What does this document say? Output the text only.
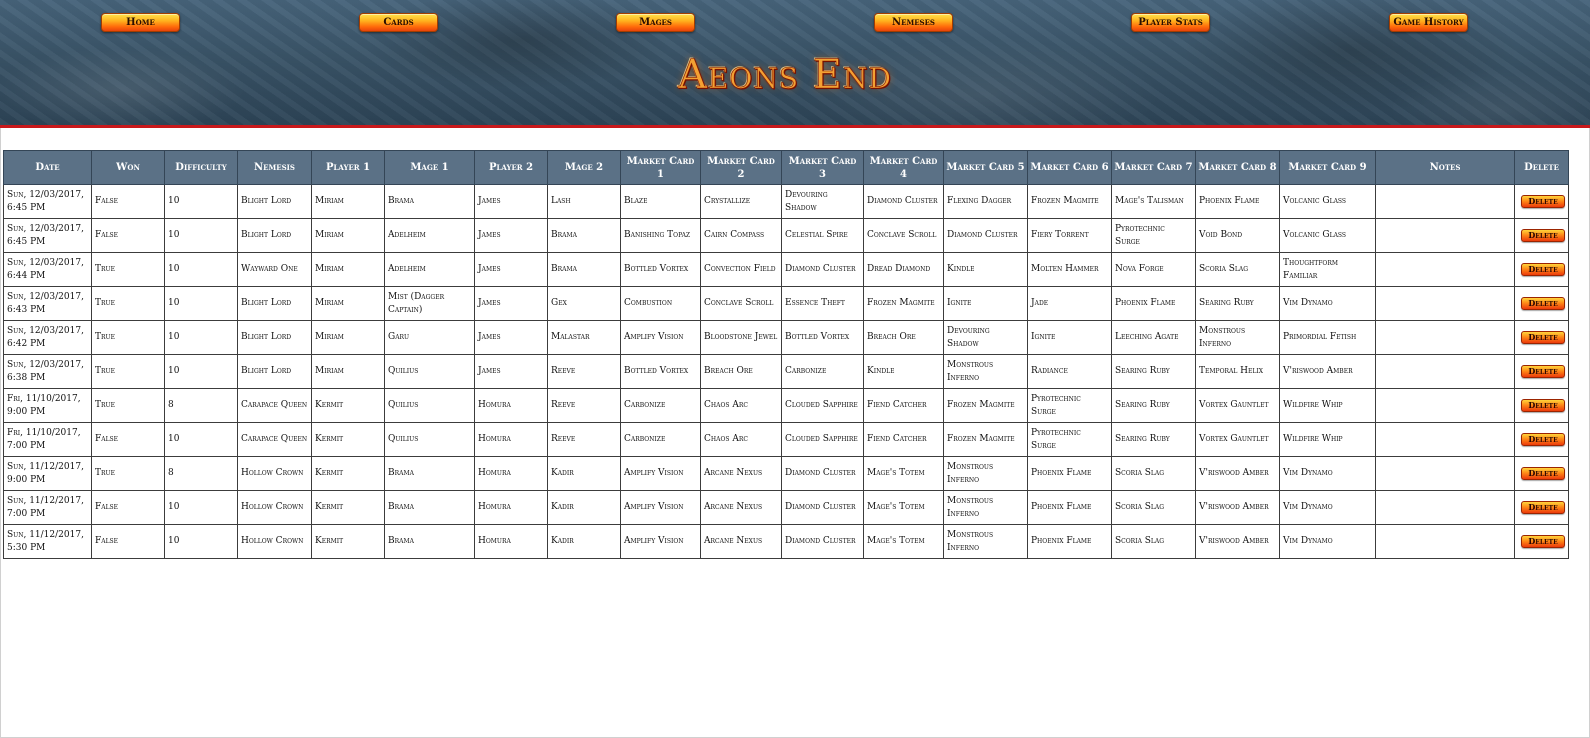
Home	Cards	Mages	Nemeses	Player Stats	Game History
Aeons End
Date	Won	Difficulty	Nemesis	Player 1	Mage 1	Player 2	Mage 2	Market Card 1	Market Card 2	Market Card 3	Market Card 4	Market Card 5	Market Card 6	Market Card 7	Market Card 8	Market Card 9	Notes	Delete
Sun, 12/03/2017, 6:45 PM	False	10	Blight Lord	Miriam	Brama	James	Lash	Blaze	Crystallize	Devouring Shadow	Diamond Cluster	Flexing Dagger	Frozen Magmite	Mage's Talisman	Phoenix Flame	Volcanic Glass		Delete

Sun, 12/03/2017, 6:45 PM	False	10	Blight Lord	Miriam	Adelheim	James	Brama	Banishing Topaz	Cairn Compass	Celestial Spire	Conclave Scroll	Diamond Cluster	Fiery Torrent	Pyrotechnic Surge	Void Bond	Volcanic Glass		Delete

Sun, 12/03/2017, 6:44 PM	True	10	Wayward One	Miriam	Adelheim	James	Brama	Bottled Vortex	Convection Field	Diamond Cluster	Dread Diamond	Kindle	Molten Hammer	Nova Forge	Scoria Slag	Thoughtform Familiar		Delete

Sun, 12/03/2017, 6:43 PM	True	10	Blight Lord	Miriam	Mist (Dagger Captain)	James	Gex	Combustion	Conclave Scroll	Essence Theft	Frozen Magmite	Ignite	Jade	Phoenix Flame	Searing Ruby	Vim Dynamo		Delete

Sun, 12/03/2017, 6:42 PM	True	10	Blight Lord	Miriam	Garu	James	Malastar	Amplify Vision	Bloodstone Jewel	Bottled Vortex	Breach Ore	Devouring Shadow	Ignite	Leeching Agate	Monstrous Inferno	Primordial Fetish		Delete

Sun, 12/03/2017, 6:38 PM	True	10	Blight Lord	Miriam	Quilius	James	Reeve	Bottled Vortex	Breach Ore	Carbonize	Kindle	Monstrous Inferno	Radiance	Searing Ruby	Temporal Helix	V'riswood Amber		Delete

Fri, 11/10/2017, 9:00 PM	True	8	Carapace Queen	Kermit	Quilius	Homura	Reeve	Carbonize	Chaos Arc	Clouded Sapphire	Fiend Catcher	Frozen Magmite	Pyrotechnic Surge	Searing Ruby	Vortex Gauntlet	Wildfire Whip		Delete

Fri, 11/10/2017, 7:00 PM	False	10	Carapace Queen	Kermit	Quilius	Homura	Reeve	Carbonize	Chaos Arc	Clouded Sapphire	Fiend Catcher	Frozen Magmite	Pyrotechnic Surge	Searing Ruby	Vortex Gauntlet	Wildfire Whip		Delete

Sun, 11/12/2017, 9:00 PM	True	8	Hollow Crown	Kermit	Brama	Homura	Kadir	Amplify Vision	Arcane Nexus	Diamond Cluster	Mage's Totem	Monstrous Inferno	Phoenix Flame	Scoria Slag	V'riswood Amber	Vim Dynamo		Delete

Sun, 11/12/2017, 7:00 PM	False	10	Hollow Crown	Kermit	Brama	Homura	Kadir	Amplify Vision	Arcane Nexus	Diamond Cluster	Mage's Totem	Monstrous Inferno	Phoenix Flame	Scoria Slag	V'riswood Amber	Vim Dynamo		Delete

Sun, 11/12/2017, 5:30 PM	False	10	Hollow Crown	Kermit	Brama	Homura	Kadir	Amplify Vision	Arcane Nexus	Diamond Cluster	Mage's Totem	Monstrous Inferno	Phoenix Flame	Scoria Slag	V'riswood Amber	Vim Dynamo		Delete
